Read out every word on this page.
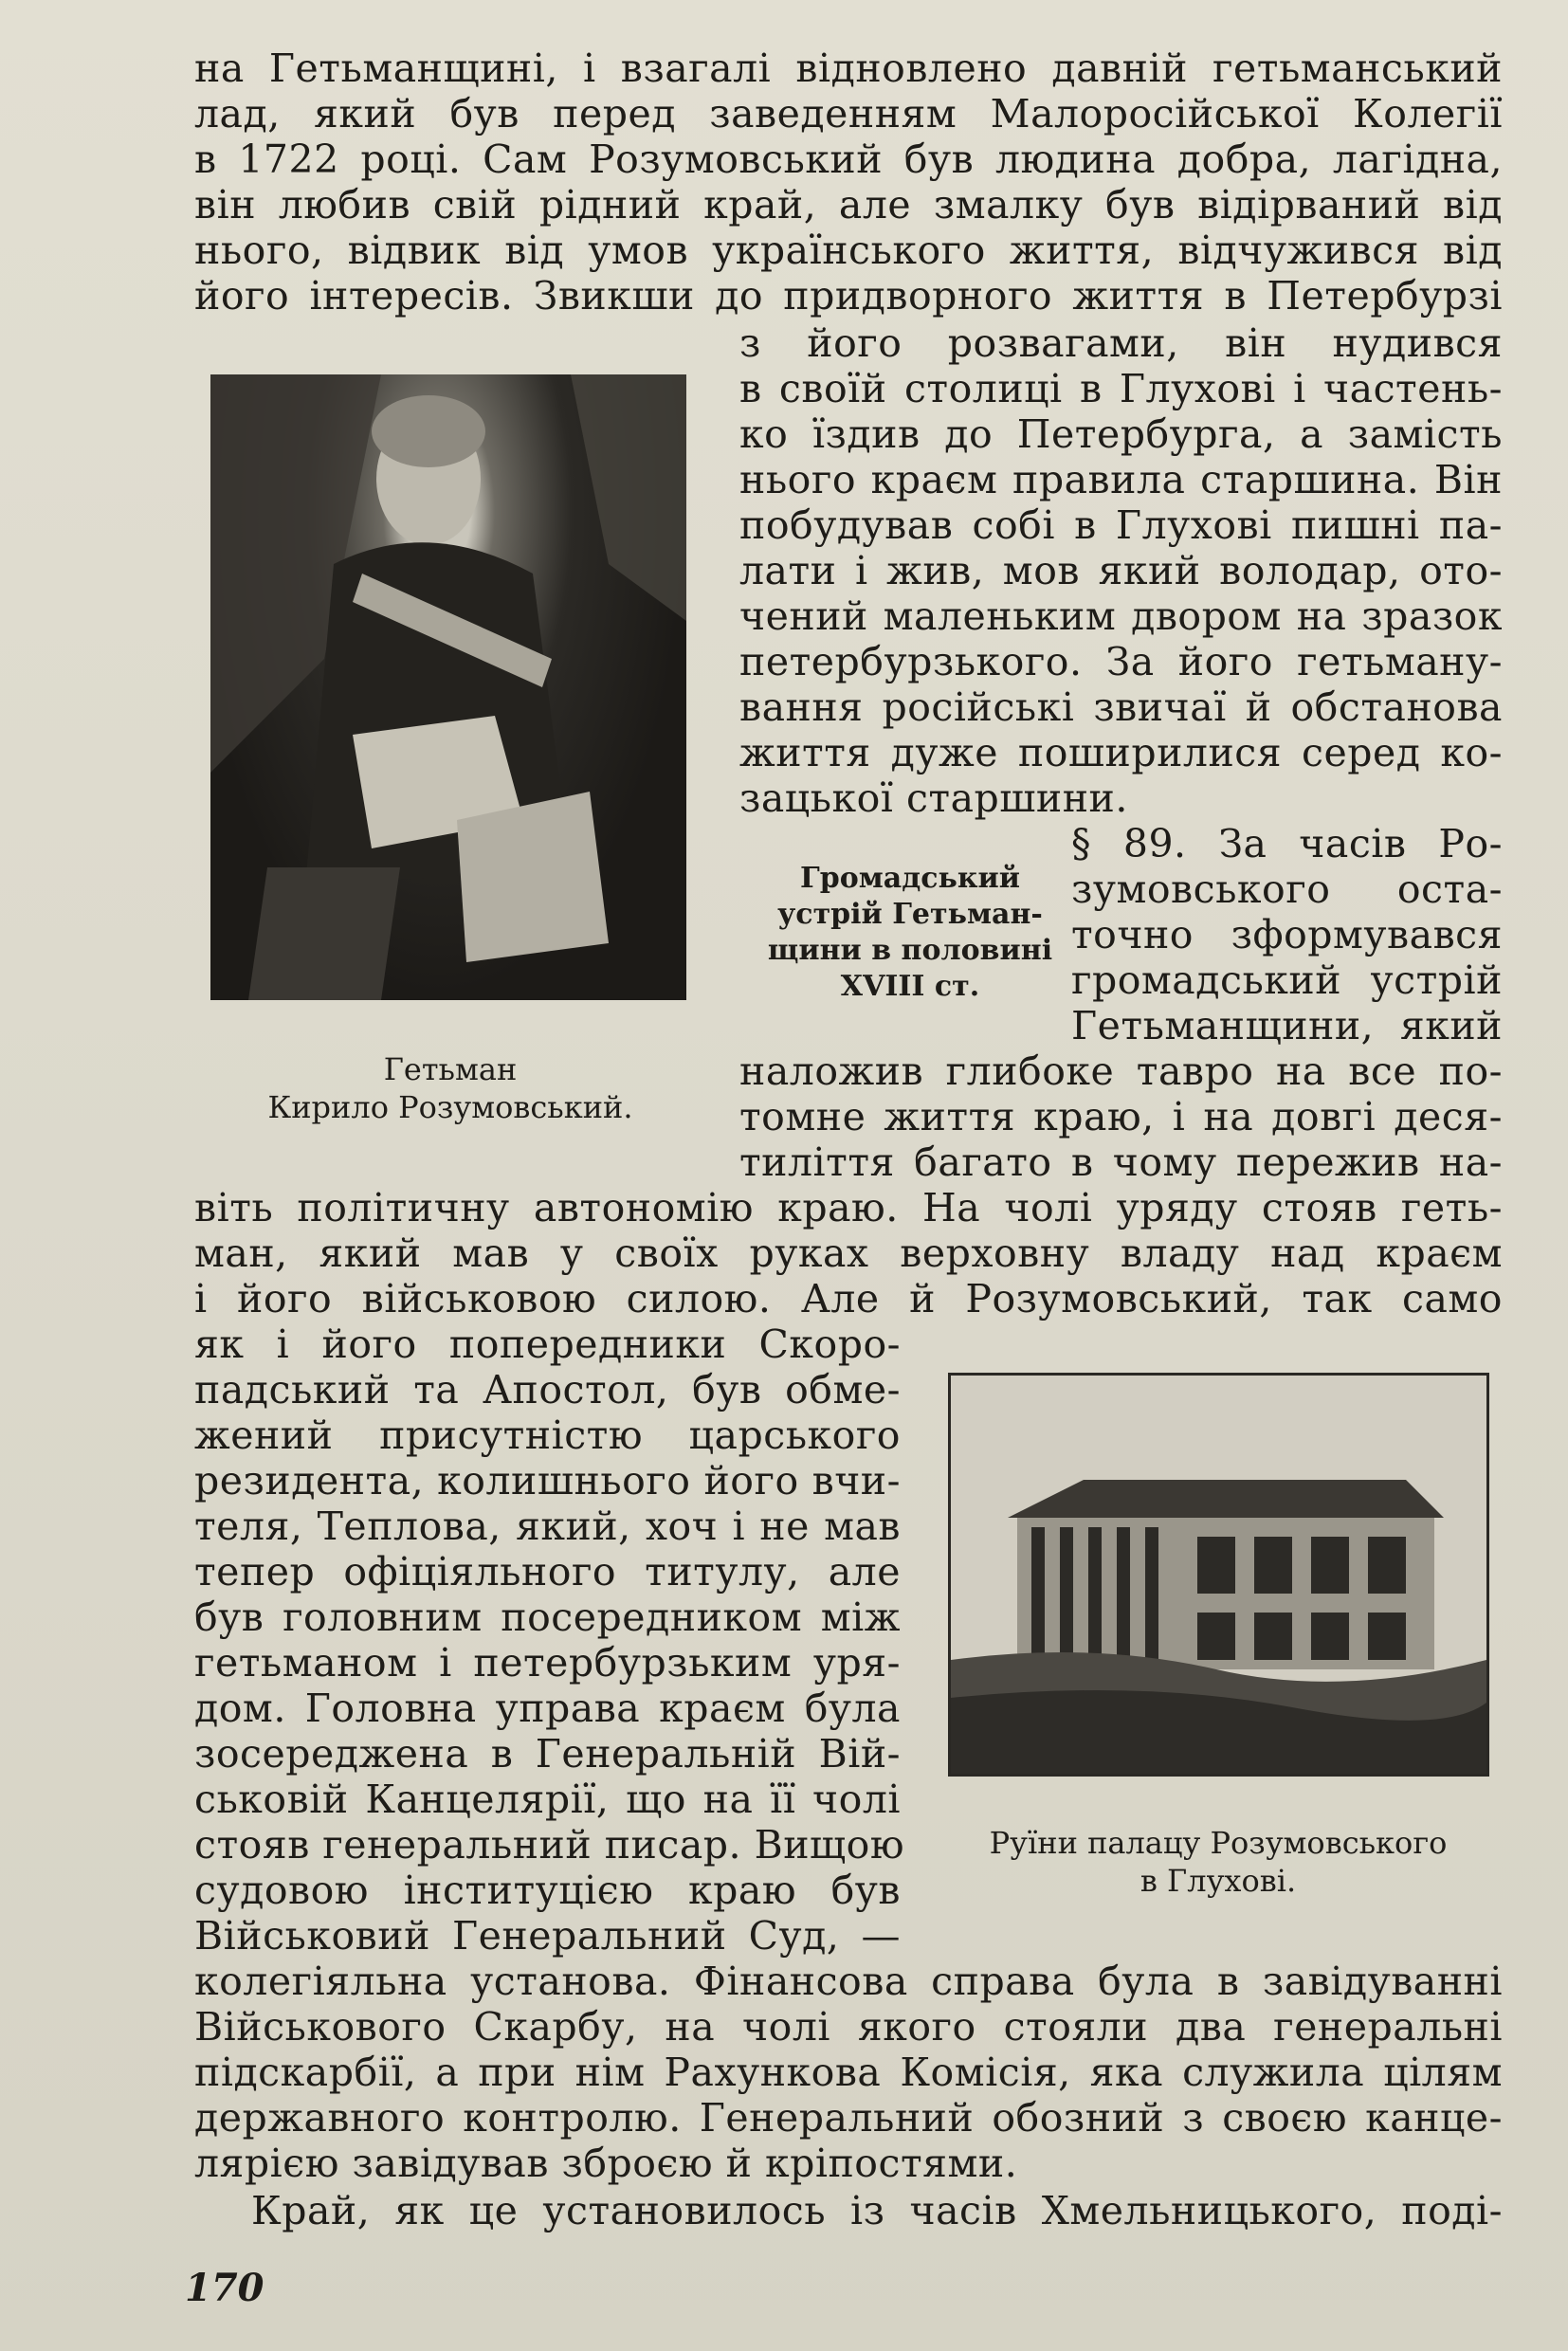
на Гетьманщині, і взагалі відновлено давній гетьманський

лад, який був перед заведенням Малоросійської Колегії

в 1722 році. Сам Розумовський був людина добра, лагідна,

він любив свій рідний край, але змалку був відірваний від

нього, відвик від умов українського життя, відчужився від

його інтересів. Звикши до придворного життя в Петербурзі

з його розвагами, він нудився

в своїй столиці в Глухові і частень-

ко їздив до Петербурга, а замість

нього краєм правила старшина. Він

побудував собі в Глухові пишні па-

лати і жив, мов який володар, ото-

чений маленьким двором на зразок

петербурзького. За його гетьману-

вання російські звичаї й обстанова

життя дуже поширилися серед ко-

зацької старшини.

Громадський
устрій Гетьман-
щини в половині
XVIII ст.

§ 89. За часів Ро-

зумовського оста-

точно зформувався

громадський устрій

Гетьманщини, який

Гетьман
Кирило Розумовський.

наложив глибоке тавро на все по-

томне життя краю, і на довгі деся-

тиліття багато в чому пережив на-

віть політичну автономію краю. На чолі уряду стояв геть-

ман, який мав у своїх руках верховну владу над краєм

і його військовою силою. Але й Розумовський, так само

як і його попередники Скоро-

падський та Апостол, був обме-

жений присутністю царського

резидента, колишнього його вчи-

теля, Теплова, який, хоч і не мав

тепер офіціяльного титулу, але

був головним посередником між

гетьманом і петербурзьким уря-

дом. Головна управа краєм була

зосереджена в Генеральній Вій-

ськовій Канцелярії, що на її чолі

стояв генеральний писар. Вищою

судовою інституцією краю був

Військовий Генеральний Суд, —

Руїни палацу Розумовського
в Глухові.

колегіяльна установа. Фінансова справа була в завідуванні

Військового Скарбу, на чолі якого стояли два генеральні

підскарбії, а при нім Рахункова Комісія, яка служила цілям

державного контролю. Генеральний обозний з своєю канце-

лярією завідував зброєю й кріпостями.

Край, як це установилось із часів Хмельницького, поді-

170
